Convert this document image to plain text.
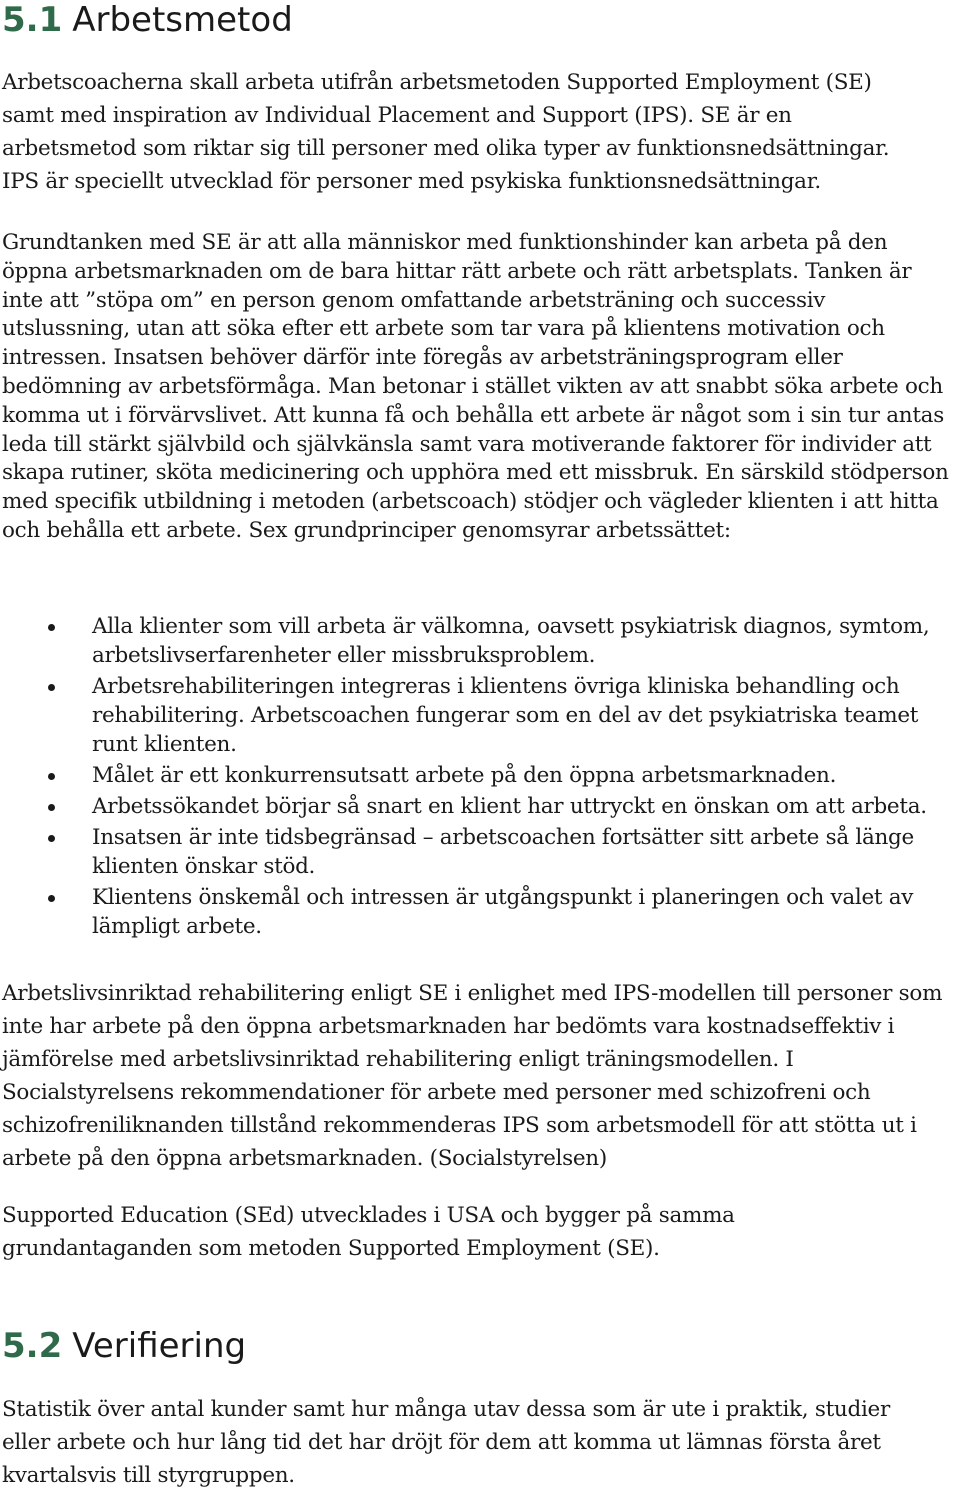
5.1 Arbetsmetod

Arbetscoacherna skall arbeta utifrån arbetsmetoden Supported Employment (SE) samt med inspiration av Individual Placement and Support (IPS). SE är en arbetsmetod som riktar sig till personer med olika typer av funktionsnedsättningar. IPS är speciellt utvecklad för personer med psykiska funktionsnedsättningar.

Grundtanken med SE är att alla människor med funktionshinder kan arbeta på den öppna arbetsmarknaden om de bara hittar rätt arbete och rätt arbetsplats. Tanken är inte att ”stöpa om” en person genom omfattande arbetsträning och successiv utslussning, utan att söka efter ett arbete som tar vara på klientens motivation och intressen. Insatsen behöver därför inte föregås av arbetsträningsprogram eller bedömning av arbetsförmåga. Man betonar i stället vikten av att snabbt söka arbete och komma ut i förvärvslivet. Att kunna få och behålla ett arbete är något som i sin tur antas leda till stärkt självbild och självkänsla samt vara motiverande faktorer för individer att skapa rutiner, sköta medicinering och upphöra med ett missbruk. En särskild stödperson med specifik utbildning i metoden (arbetscoach) stödjer och vägleder klienten i att hitta och behålla ett arbete. Sex grundprinciper genomsyrar arbetssättet:

Alla klienter som vill arbeta är välkomna, oavsett psykiatrisk diagnos, symtom, arbetslivserfarenheter eller missbruksproblem.
Arbetsrehabiliteringen integreras i klientens övriga kliniska behandling och rehabilitering. Arbetscoachen fungerar som en del av det psykiatriska teamet runt klienten.
Målet är ett konkurrensutsatt arbete på den öppna arbetsmarknaden.
Arbetssökandet börjar så snart en klient har uttryckt en önskan om att arbeta.
Insatsen är inte tidsbegränsad – arbetscoachen fortsätter sitt arbete så länge klienten önskar stöd.
Klientens önskemål och intressen är utgångspunkt i planeringen och valet av lämpligt arbete.

Arbetslivsinriktad rehabilitering enligt SE i enlighet med IPS-modellen till personer som inte har arbete på den öppna arbetsmarknaden har bedömts vara kostnadseffektiv i jämförelse med arbetslivsinriktad rehabilitering enligt träningsmodellen. I Socialstyrelsens rekommendationer för arbete med personer med schizofreni och schizofreniliknanden tillstånd rekommenderas IPS som arbetsmodell för att stötta ut i arbete på den öppna arbetsmarknaden. (Socialstyrelsen)

Supported Education (SEd) utvecklades i USA och bygger på samma grundantaganden som metoden Supported Employment (SE).

5.2 Verifiering

Statistik över antal kunder samt hur många utav dessa som är ute i praktik, studier eller arbete och hur lång tid det har dröjt för dem att komma ut lämnas första året kvartalsvis till styrgruppen.
